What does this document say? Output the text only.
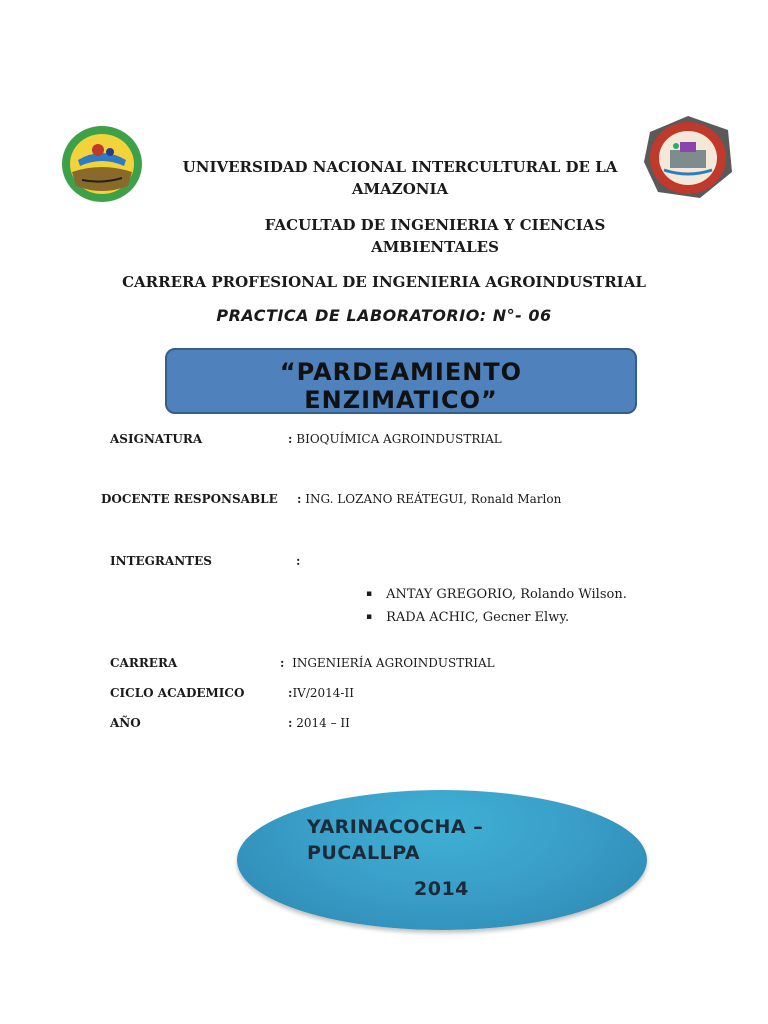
UNIVERSIDAD NACIONAL INTERCULTURAL DE LA AMAZONIA
FACULTAD DE INGENIERIA Y CIENCIAS AMBIENTALES
CARRERA PROFESIONAL DE INGENIERIA AGROINDUSTRIAL
PRACTICA DE LABORATORIO: N°- 06
“PARDEAMIENTO ENZIMATICO”
ASIGNATURA	: BIOQUÍMICA AGROINDUSTRIAL
DOCENTE RESPONSABLE : ING. LOZANO REÁTEGUI, Ronald Marlon
INTEGRANTES	:
▪ ANTAY GREGORIO, Rolando Wilson.
▪ RADA ACHIC, Gecner Elwy.
CARRERA	: INGENIERÍA AGROINDUSTRIAL
CICLO ACADEMICO	:IV/2014-II
AÑO	: 2014 – II
YARINACOCHA – PUCALLPA
2014
